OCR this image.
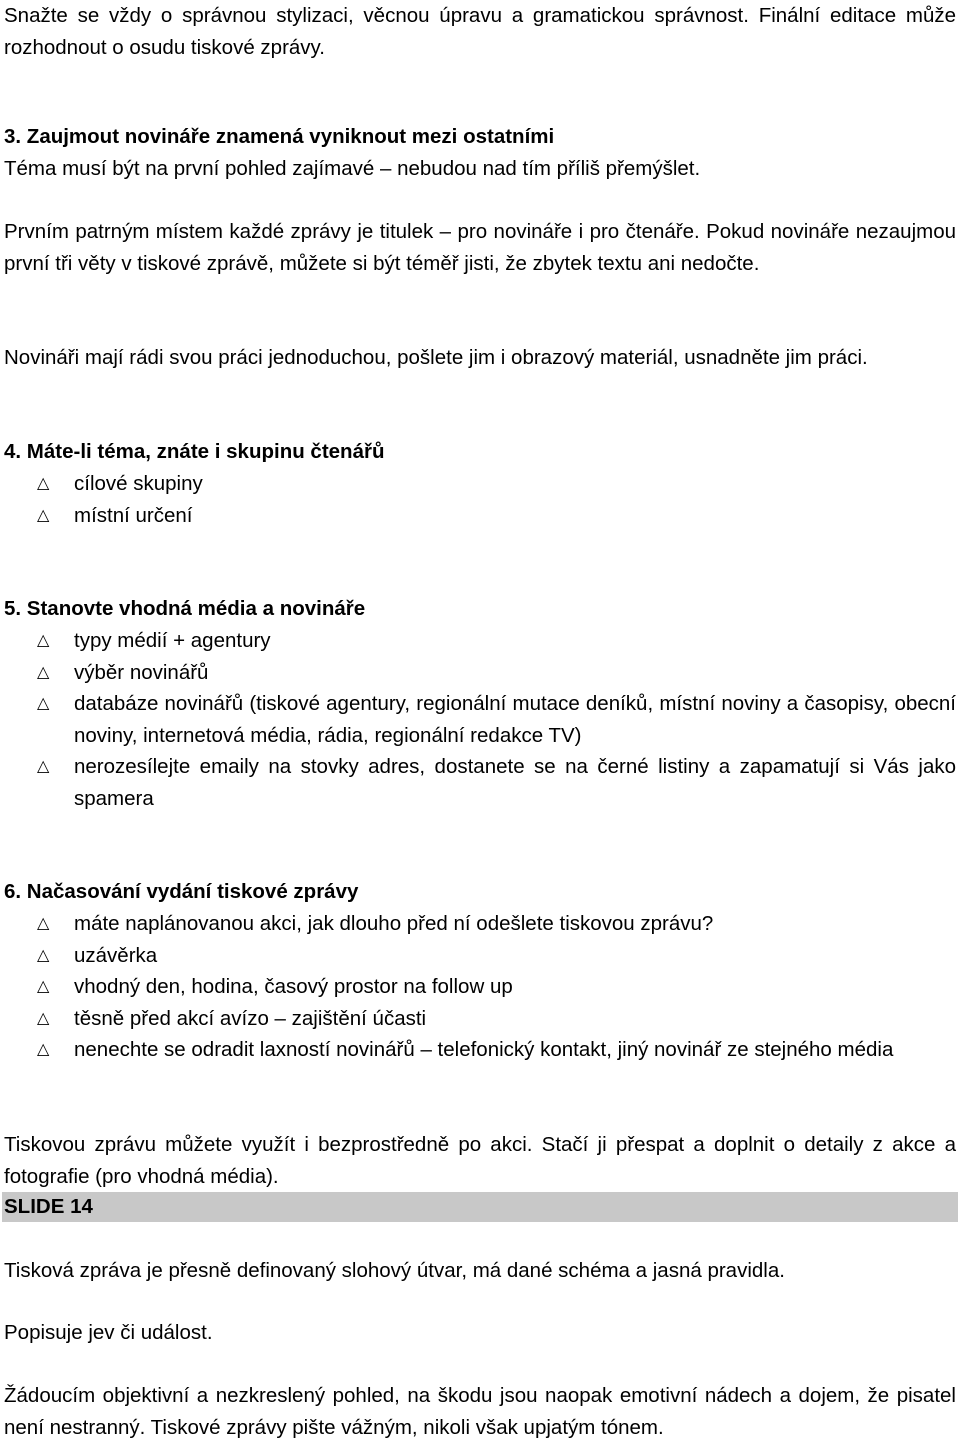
Snažte se vždy o správnou stylizaci, věcnou úpravu a gramatickou správnost. Finální editace může rozhodnout o osudu tiskové zprávy.
3. Zaujmout novináře znamená vyniknout mezi ostatními
Téma musí být na první pohled zajímavé – nebudou nad tím příliš přemýšlet.
Prvním patrným místem každé zprávy je titulek – pro novináře i pro čtenáře. Pokud novináře nezaujmou první tři věty v tiskové zprávě, můžete si být téměř jisti, že zbytek textu ani nedočte.
Novináři mají rádi svou práci jednoduchou, pošlete jim i obrazový materiál, usnadněte jim práci.
4. Máte-li téma, znáte i skupinu čtenářů
△ cílové skupiny
△ místní určení
5. Stanovte vhodná média a novináře
△ typy médií + agentury
△ výběr novinářů
△ databáze novinářů (tiskové agentury, regionální mutace deníků, místní noviny a časopisy, obecní noviny, internetová média, rádia, regionální redakce TV)
△ nerozesílejte emaily na stovky adres, dostanete se na černé listiny a zapamatují si Vás jako spamera
6. Načasování vydání tiskové zprávy
△ máte naplánovanou akci, jak dlouho před ní odešlete tiskovou zprávu?
△ uzávěrka
△ vhodný den, hodina, časový prostor na follow up
△ těsně před akcí avízo – zajištění účasti
△ nenechte se odradit laxností novinářů – telefonický kontakt, jiný novinář ze stejného média
Tiskovou zprávu můžete využít i bezprostředně po akci. Stačí ji přespat a doplnit o detaily z akce a fotografie (pro vhodná média).
SLIDE 14
Tisková zpráva je přesně definovaný slohový útvar, má dané schéma a jasná pravidla.
Popisuje jev či událost.
Žádoucím objektivní a nezkreslený pohled, na škodu jsou naopak emotivní nádech a dojem, že pisatel není nestranný. Tiskové zprávy pište vážným, nikoli však upjatým tónem.
